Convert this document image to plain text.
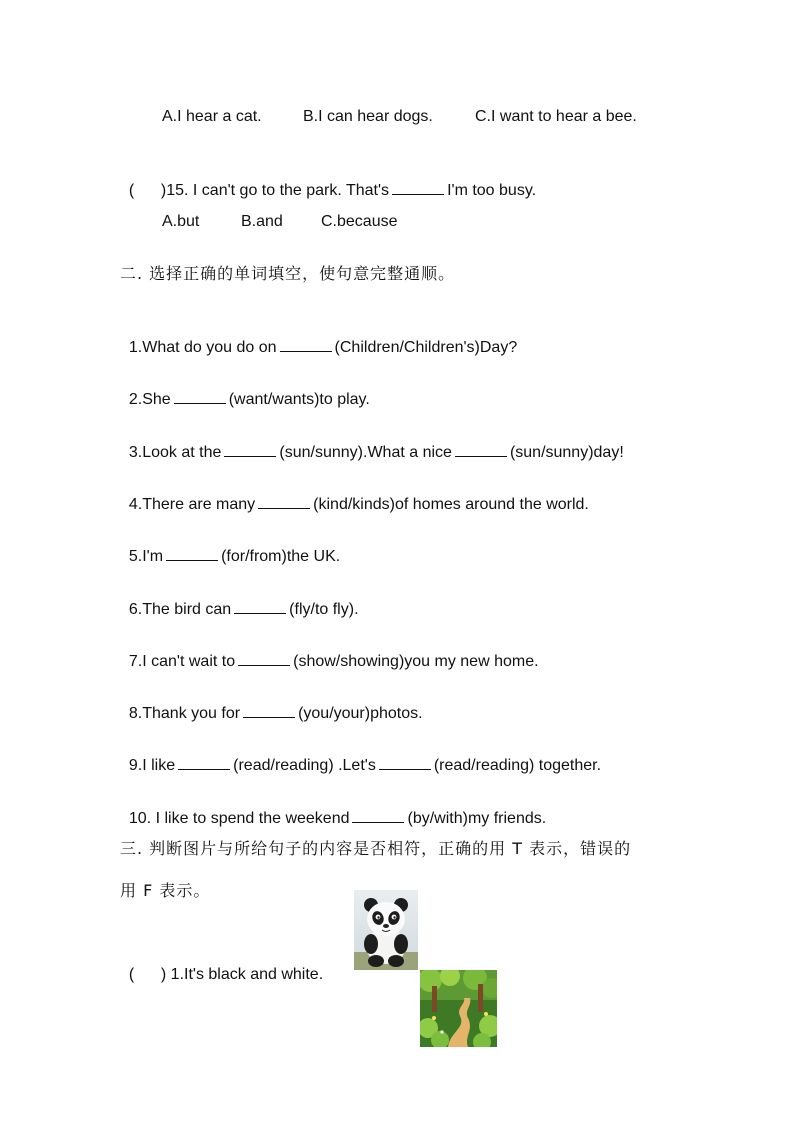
A.I hear a cat.	B.I can hear dogs.	C.I want to hear a bee.

(      )15. I can't go to the park. That's	I'm too busy.

A.but	B.and C.because
二. 选择正确的单词填空，使句意完整通顺。

1.What do you do on	(Children/Children's)Day?

2.She	(want/wants)to play.

3.Look at the	(sun/sunny).What a nice	(sun/sunny)day!

4.There are many	(kind/kinds)of homes around the world.

5.I'm	(for/from)the UK.

6.The bird can	(fly/to fly).

7.I can't wait to	(show/showing)you my new home.

8.Thank you for	(you/your)photos.

9.I like	(read/reading) .Let's	(read/reading) together.

10. I like to spend the weekend	(by/with)my friends.

三. 判断图片与所给句子的内容是否相符，正确的用 T 表示，错误的
用 F 表示。

(      ) 1.It's black and white.
